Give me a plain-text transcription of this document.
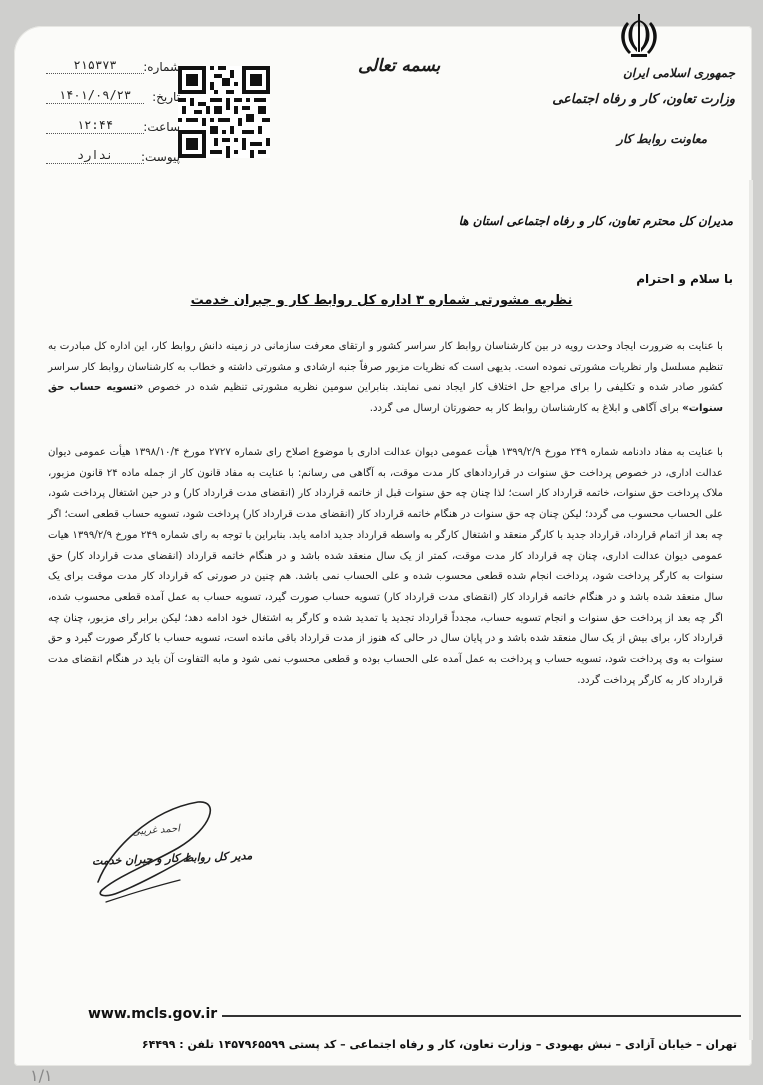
جمهوری اسلامی ایران
وزارت تعاون، کار و رفاه اجتماعی
معاونت روابط کار
بسمه تعالی
۲۱۵۳۷۳	شماره:
۱۴۰۱/۰۹/۲۳	تاریخ:
۱۲:۴۴	ساعت:
ندارد	پیوست:
مدیران کل محترم تعاون، کار و رفاه اجتماعی استان ها
با سلام و احترام
نظریه مشورتی شماره ۳ اداره کل روابط کار و جبران خدمت
با عنایت به ضرورت ایجاد وحدت رویه در بین کارشناسان روابط کار سراسر کشور و ارتقای معرفت سازمانی در زمینه دانش روابط کار، این اداره کل مبادرت به تنظیم مسلسل وار نظریات مشورتی نموده است. بدیهی است که نظریات مزبور صرفاً جنبه ارشادی و مشورتی داشته و خطاب به کارشناسان روابط کار سراسر کشور صادر شده و تکلیفی را برای مراجع حل اختلاف کار ایجاد نمی نمایند. بنابراین سومین نظریه مشورتی تنظیم شده در خصوص «تسویه حساب حق سنوات» برای آگاهی و ابلاغ به کارشناسان روابط کار به حضورتان ارسال می گردد.
با عنایت به مفاد دادنامه شماره ۲۴۹ مورخ ۱۳۹۹/۲/۹ هیأت عمومی دیوان عدالت اداری با موضوع اصلاح رای شماره ۲۷۲۷ مورخ ۱۳۹۸/۱۰/۴ هیأت عمومی دیوان عدالت اداری، در خصوص پرداخت حق سنوات در قراردادهای کار مدت موقت، به آگاهی می رسانم: با عنایت به مفاد قانون کار از جمله ماده ۲۴ قانون مزبور، ملاک پرداخت حق سنوات، خاتمه قرارداد کار است؛ لذا چنان چه حق سنوات قبل از خاتمه قرارداد کار (انقضای مدت قرارداد کار) و در حین اشتغال پرداخت شود، علی الحساب محسوب می گردد؛ لیکن چنان چه حق سنوات در هنگام خاتمه قرارداد کار (انقضای مدت قرارداد کار) پرداخت شود، تسویه حساب قطعی است؛ اگر چه بعد از اتمام قرارداد، قرارداد جدید با کارگر منعقد و اشتغال کارگر به واسطه قرارداد جدید ادامه یابد. بنابراین با توجه به رای شماره ۲۴۹ مورخ ۱۳۹۹/۲/۹ هیات عمومی دیوان عدالت اداری، چنان چه قرارداد کار مدت موقت، کمتر از یک سال منعقد شده باشد و در هنگام خاتمه قرارداد (انقضای مدت قرارداد کار) حق سنوات به کارگر پرداخت شود، پرداخت انجام شده قطعی محسوب شده و علی الحساب نمی باشد. هم چنین در صورتی که قرارداد کار مدت موقت برای یک سال منعقد شده باشد و در هنگام خاتمه قرارداد کار (انقضای مدت قرارداد کار) تسویه حساب صورت گیرد، تسویه حساب به عمل آمده قطعی محسوب شده، اگر چه بعد از پرداخت حق سنوات و انجام تسویه حساب، مجدداً قرارداد تجدید یا تمدید شده و کارگر به اشتغال خود ادامه دهد؛ لیکن برابر رای مزبور، چنان چه قرارداد کار، برای بیش از یک سال منعقد شده باشد و در پایان سال در حالی که هنوز از مدت قرارداد باقی مانده است، تسویه حساب با کارگر صورت گیرد و حق سنوات به وی پرداخت شود، تسویه حساب و پرداخت به عمل آمده علی الحساب بوده و قطعی محسوب نمی شود و مابه التفاوت آن باید در هنگام انقضای مدت قرارداد کار به کارگر پرداخت گردد.
احمد غریبی
مدیر کل روابط کار و جبران خدمت
www.mcls.gov.ir
تهران – خیابان آزادی – نبش بهبودی – وزارت تعاون، کار و رفاه اجتماعی – کد پستی ۱۴۵۷۹۶۵۵۹۹ تلفن : ۶۴۴۹۹
۱/۱
